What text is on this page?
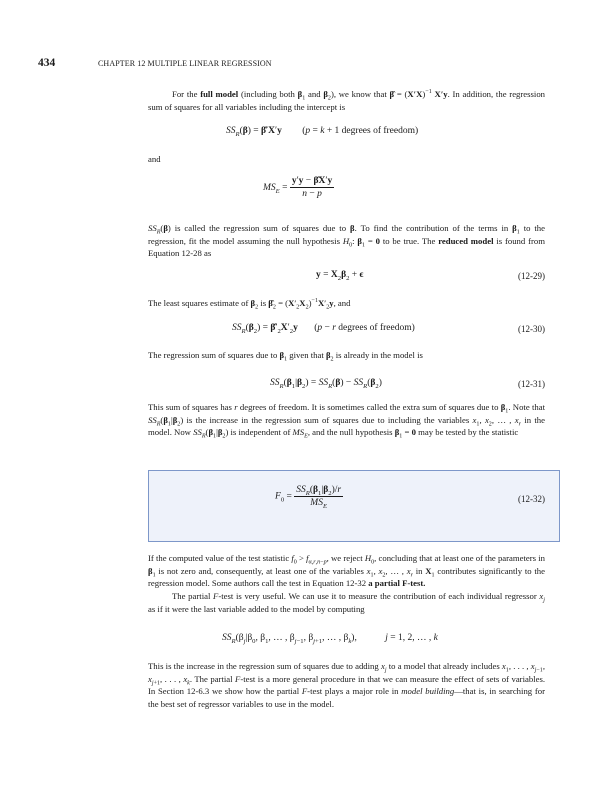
434	CHAPTER 12 MULTIPLE LINEAR REGRESSION

For the full model (including both $\beta_1$ and $\beta_2$), we know that β̂ = $(X'X)^{-1}$ X′y. In addition, the regression sum of squares for all variables including the intercept is

$SS_R(\beta)$ = β̂′X′y (p = k + 1 degrees of freedom)

and

$MS_E = \frac{y'y - \betâX'y}{n - p}$

$SS_R(\beta)$ is called the regression sum of squares due to β. To find the contribution of the terms in $\beta_1$ to the regression, fit the model assuming the null hypothesis $H_0$: $\beta_1 = 0$ to be true. The reduced model is found from Equation 12-28 as

$y = X_2\beta_2 + \epsilon$	(12-29)

The least squares estimate of $\beta_2$ is $\betâ_2 = (X'_2X_2)^{-1}X'_2y$, and

$SS_R(\beta_2)$ = $\betâ'_2X'_2y$ (p − r degrees of freedom)	(12-30)

The regression sum of squares due to $\beta_1$ given that $\beta_2$ is already in the model is

$SS_R(\beta_1|\beta_2) = SS_R(\beta) - SS_R(\beta_2)$	(12-31)

This sum of squares has r degrees of freedom. It is sometimes called the extra sum of squares due to $\beta_1$. Note that $SS_R(\beta_1|\beta_2)$ is the increase in the regression sum of squares due to including the variables $x_1$, $x_2$, … , $x_r$ in the model. Now $SS_R(\beta_1|\beta_2)$ is independent of $MS_E$, and the null hypothesis $\beta_1 = 0$ may be tested by the statistic

$F_0 = \frac{SS_R(\beta_1|\beta_2)/r}{MS_E}$	(12-32)

If the computed value of the test statistic $f_0 > f_{\alpha,r,n-p}$, we reject $H_0$, concluding that at least one of the parameters in $\beta_1$ is not zero and, consequently, at least one of the variables $x_1$, $x_2$, … , $x_r$ in $X_1$ contributes significantly to the regression model. Some authors call the test in Equation 12-32 a partial F-test.

The partial F-test is very useful. We can use it to measure the contribution of each individual regressor $x_j$ as if it were the last variable added to the model by computing

$SS_R(\beta_j|\beta_0$, $\beta_1$, … , $\beta_{j-1}$, $\beta_{j+1}$, … , $\beta_k$),	j = 1, 2, … , k

This is the increase in the regression sum of squares due to adding $x_j$ to a model that already includes $x_1$, . . . , $x_{j-1}$, $x_{j+1}$, . . . , $x_k$. The partial F-test is a more general procedure in that we can measure the effect of sets of variables. In Section 12-6.3 we show how the partial F-test plays a major role in model building—that is, in searching for the best set of regressor variables to use in the model.
